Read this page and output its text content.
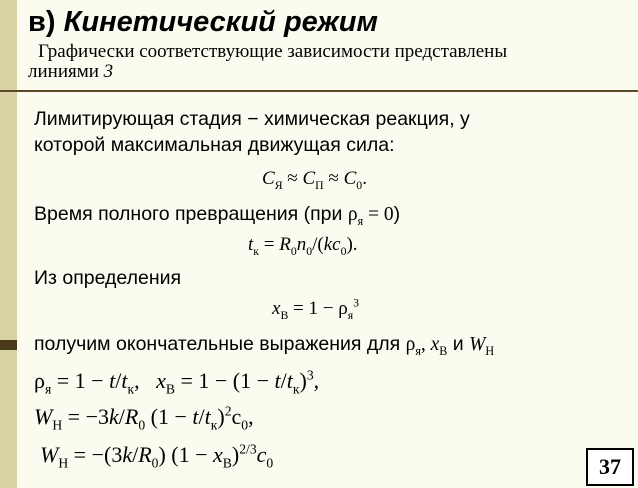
в) Кинетический режим
Графически соответствующие зависимости представлены
линиями 3
Лимитирующая стадия − химическая реакция, у
которой максимальная движущая сила:
$C_Я \approx C_П \approx C_0$.
Время полного превращения (при $\rho_я = 0$)
$t_к = R_0n_0/(kc_0)$.
Из определения
$x_В = 1 - \rho_я^3$
получим окончательные выражения для $\rho_я$, $x_В$ и $W_Н$
$\rho_я = 1 - t/t_к$,   $x_В = 1 - (1 - t/t_к)^3$,
$W_Н = -3k/R_0$ $(1 - t/t_к)^2с_0$,
$W_Н = -(3k/R_0) (1 - x_В)^{2/3}c_0$	37
